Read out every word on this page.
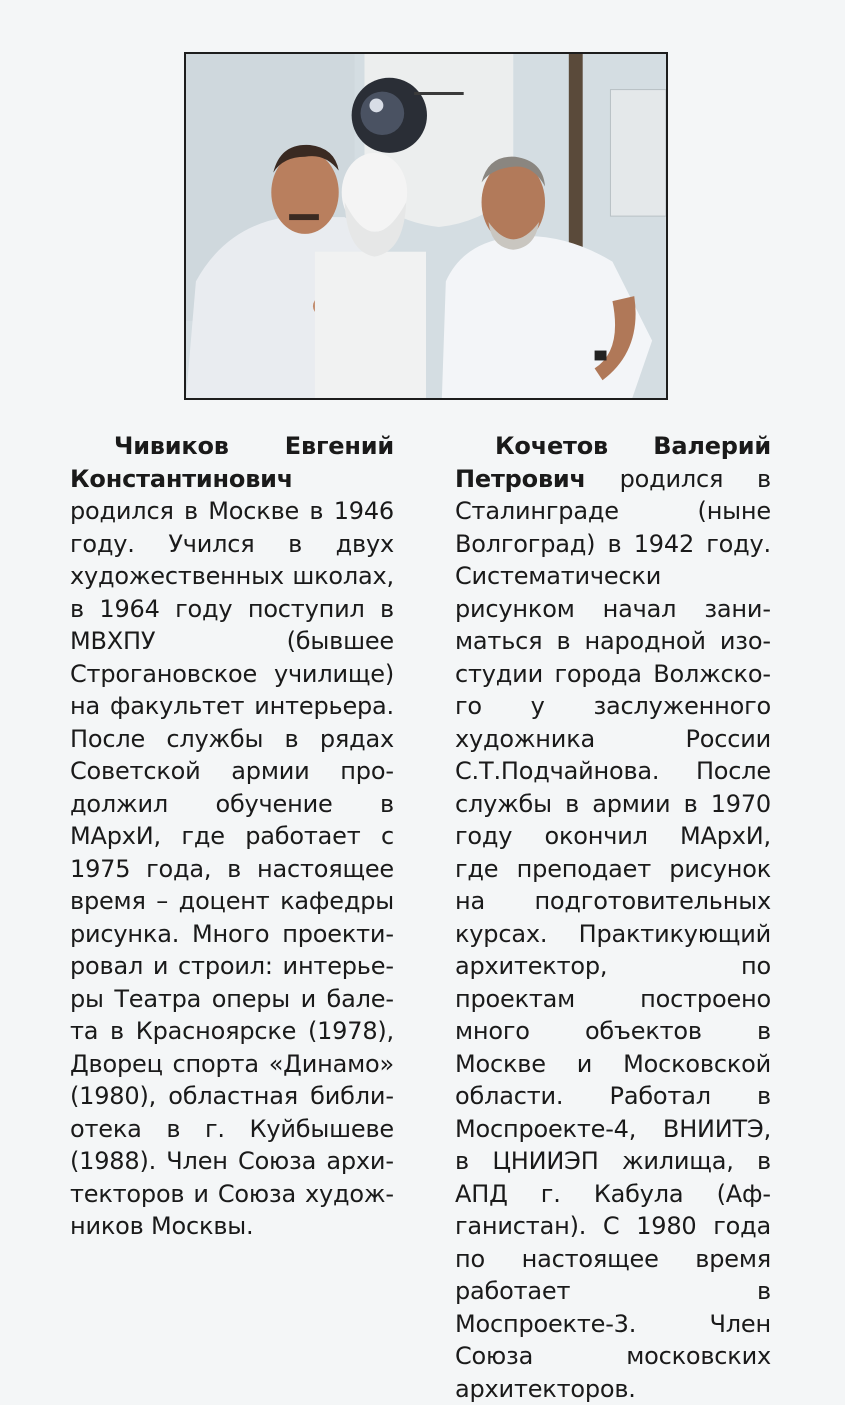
Чивиков Евгений Константинович родился в Москве в 1946 году. Учился в двух художественных школах, в 1964 году поступил в МВХПУ (бывшее Строгановское училище) на факультет интерьера. После службы в рядах Советской армии продолжил обучение в МАрхИ, где работает с 1975 года, в настоящее время – доцент кафедры рисунка. Много проектировал и строил: интерьеры Театра оперы и балета в Красноярске (1978), Дворец спорта «Динамо» (1980), областная библиотека в г. Куйбышеве (1988). Член Союза архитекторов и Союза художников Москвы.

Кочетов Валерий Петрович родился в Сталинграде (ныне Волгоград) в 1942 году. Систематически рисунком начал заниматься в народной изостудии города Волжского у заслуженного художника России С.Т.Подчайнова. После службы в армии в 1970 году окончил МАрхИ, где преподает рисунок на подготовительных курсах. Практикующий архитектор, по проектам построено много объектов в Москве и Московской области. Работал в Моспроекте-4, ВНИИТЭ, в ЦНИИЭП жилища, в АПД г. Кабула (Афганистан). С 1980 года по настоящее время работает в Моспроекте-3. Член Союза московских архитекторов.
